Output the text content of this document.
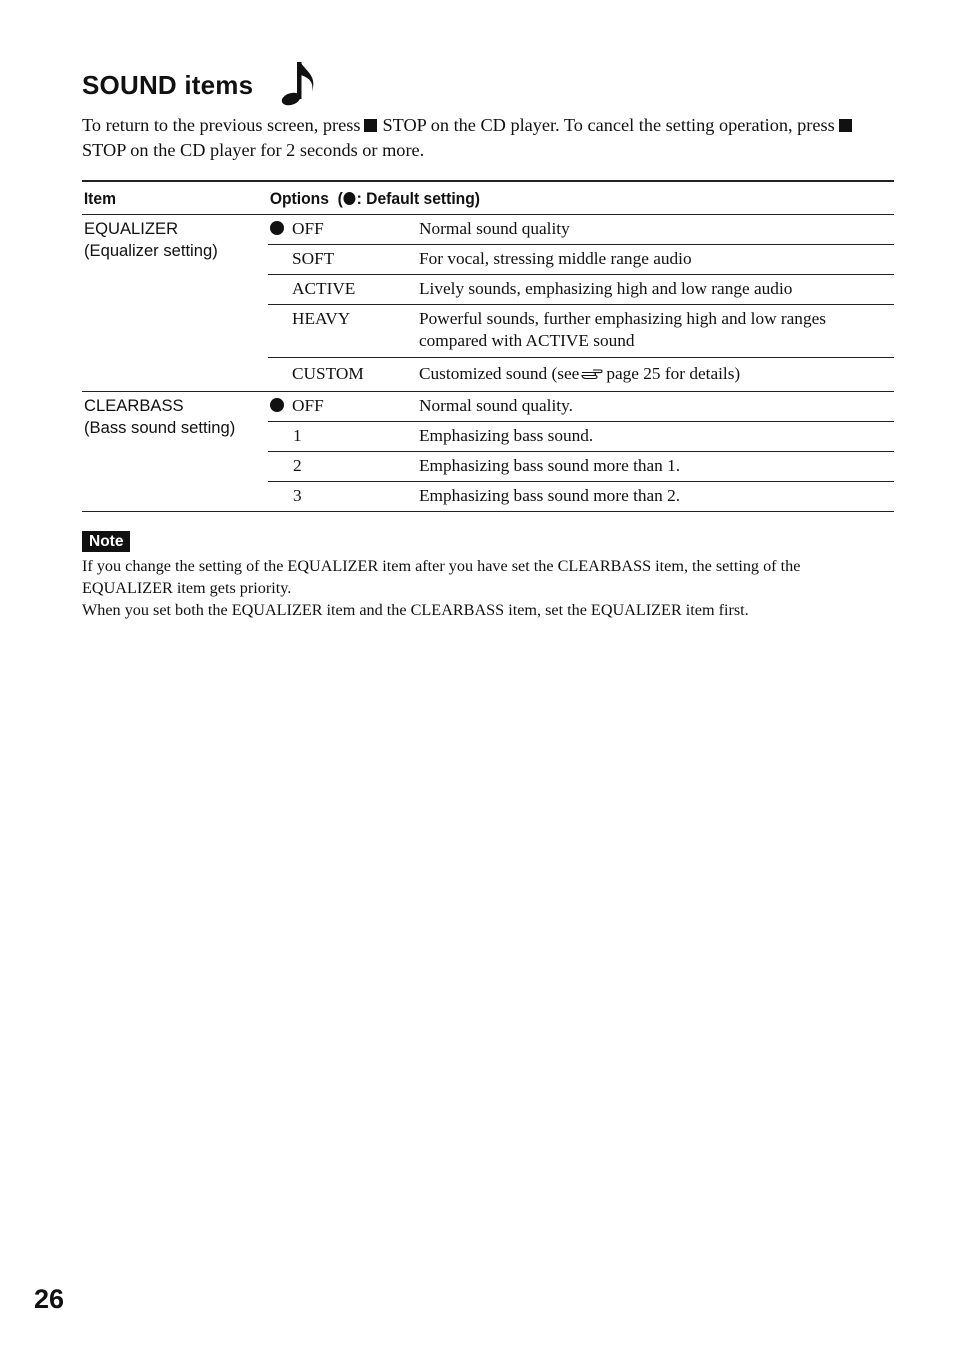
SOUND items

To return to the previous screen, press STOP on the CD player. To cancel the setting operation, pressSTOP on the CD player for 2 seconds or more.

Item	Options  ( : Default setting)	

EQUALIZER
(Equalizer setting)	OFF	Normal sound quality
	SOFT	For vocal, stressing middle range audio
	ACTIVE	Lively sounds, emphasizing high and low range audio
	HEAVY	Powerful sounds, further emphasizing high and low ranges compared with ACTIVE sound
	CUSTOM	Customized sound (see page 25 for details)

CLEARBASS
(Bass sound setting)	OFF	Normal sound quality.
	1	Emphasizing bass sound.
	2	Emphasizing bass sound more than 1.
	3	Emphasizing bass sound more than 2.
Note

If you change the setting of the EQUALIZER item after you have set the CLEARBASS item, the setting of the EQUALIZER item gets priority.
When you set both the EQUALIZER item and the CLEARBASS item, set the EQUALIZER item first.

26
